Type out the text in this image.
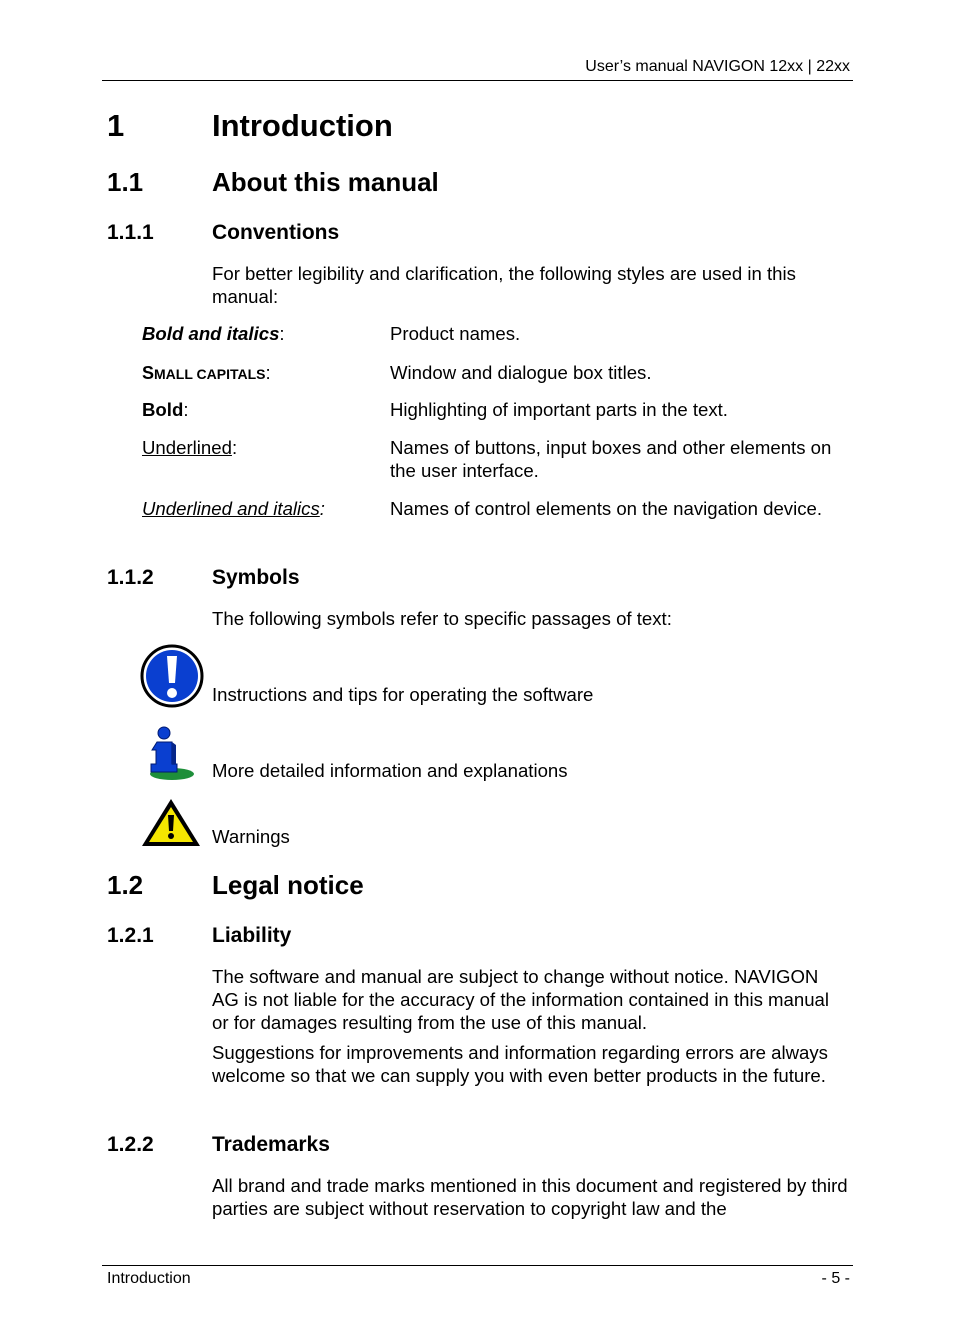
User’s manual NAVIGON 12xx | 22xx
1	Introduction
1.1	About this manual
1.1.1	Conventions
For better legibility and clarification, the following styles are used in this manual:
Bold and italics:	Product names.
SMALL CAPITALS:	Window and dialogue box titles.
Bold:	Highlighting of important parts in the text.
Underlined:	Names of buttons, input boxes and other elements on the user interface.
Underlined and italics:	Names of control elements on the navigation device.
1.1.2	Symbols
The following symbols refer to specific passages of text:
Instructions and tips for operating the software
More detailed information and explanations
Warnings
1.2	Legal notice
1.2.1	Liability
The software and manual are subject to change without notice. NAVIGON AG is not liable for the accuracy of the information contained in this manual or for damages resulting from the use of this manual.
Suggestions for improvements and information regarding errors are always welcome so that we can supply you with even better products in the future.
1.2.2	Trademarks
All brand and trade marks mentioned in this document and registered by third parties are subject without reservation to copyright law and the
Introduction	- 5 -
